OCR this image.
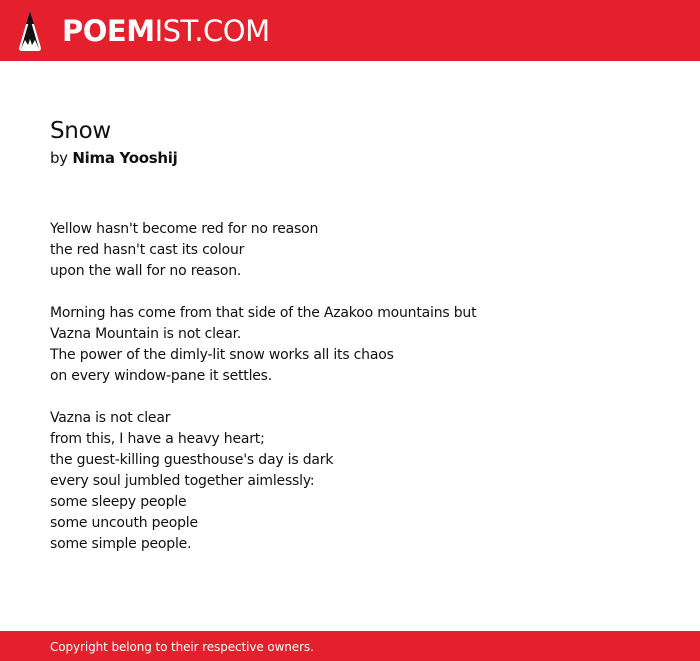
POEMIST.COM
Snow
by Nima Yooshij

Yellow hasn't become red for no reason
the red hasn't cast its colour
upon the wall for no reason.

Morning has come from that side of the Azakoo mountains but
Vazna Mountain is not clear.
The power of the dimly-lit snow works all its chaos
on every window-pane it settles.

Vazna is not clear
from this, I have a heavy heart;
the guest-killing guesthouse's day is dark
every soul jumbled together aimlessly:
some sleepy people
some uncouth people
some simple people.

Copyright belong to their respective owners.
